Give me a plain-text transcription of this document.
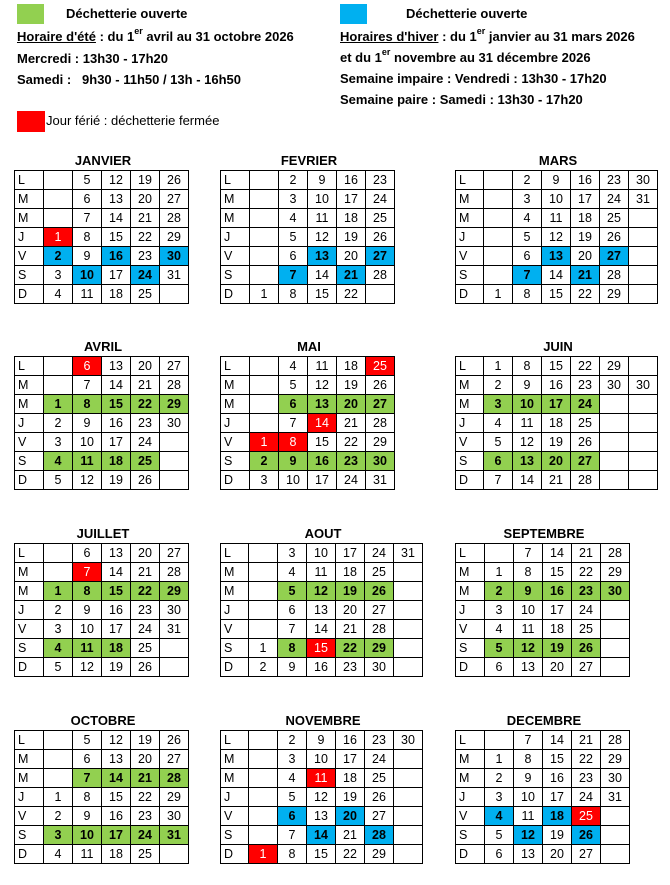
Déchetterie ouverte
Horaire d'été : du 1er avril au 31 octobre 2026
Mercredi : 13h30 - 17h20
Samedi :   9h30 - 11h50 / 13h - 16h50
Déchetterie ouverte
Horaires d'hiver : du 1er janvier au 31 mars 2026
et du 1er novembre au 31 décembre 2026
Semaine impaire : Vendredi : 13h30 - 17h20
Semaine paire : Samedi : 13h30 - 17h20
Jour férié : déchetterie fermée
JANVIER
L		5	12	19	26
M		6	13	20	27
M		7	14	21	28
J	1	8	15	22	29
V	2	9	16	23	30
S	3	10	17	24	31
D	4	11	18	25	
FEVRIER
L		2	9	16	23
M		3	10	17	24
M		4	11	18	25
J		5	12	19	26
V		6	13	20	27
S		7	14	21	28
D	1	8	15	22	
MARS
L		2	9	16	23	30
M		3	10	17	24	31
M		4	11	18	25	
J		5	12	19	26	
V		6	13	20	27	
S		7	14	21	28	
D	1	8	15	22	29	
AVRIL
L		6	13	20	27
M		7	14	21	28
M	1	8	15	22	29
J	2	9	16	23	30
V	3	10	17	24	
S	4	11	18	25	
D	5	12	19	26	
MAI
L		4	11	18	25
M		5	12	19	26
M		6	13	20	27
J		7	14	21	28
V	1	8	15	22	29
S	2	9	16	23	30
D	3	10	17	24	31
JUIN
L	1	8	15	22	29	
M	2	9	16	23	30	30
M	3	10	17	24		
J	4	11	18	25		
V	5	12	19	26		
S	6	13	20	27		
D	7	14	21	28		
JUILLET
L		6	13	20	27
M		7	14	21	28
M	1	8	15	22	29
J	2	9	16	23	30
V	3	10	17	24	31
S	4	11	18	25	
D	5	12	19	26	
AOUT
L		3	10	17	24	31
M		4	11	18	25	
M		5	12	19	26	
J		6	13	20	27	
V		7	14	21	28	
S	1	8	15	22	29	
D	2	9	16	23	30	
SEPTEMBRE
L		7	14	21	28
M	1	8	15	22	29
M	2	9	16	23	30
J	3	10	17	24	
V	4	11	18	25	
S	5	12	19	26	
D	6	13	20	27	
OCTOBRE
L		5	12	19	26
M		6	13	20	27
M		7	14	21	28
J	1	8	15	22	29
V	2	9	16	23	30
S	3	10	17	24	31
D	4	11	18	25	
NOVEMBRE
L		2	9	16	23	30
M		3	10	17	24	
M		4	11	18	25	
J		5	12	19	26	
V		6	13	20	27	
S		7	14	21	28	
D	1	8	15	22	29	
DECEMBRE
L		7	14	21	28
M	1	8	15	22	29
M	2	9	16	23	30
J	3	10	17	24	31
V	4	11	18	25	
S	5	12	19	26	
D	6	13	20	27	
